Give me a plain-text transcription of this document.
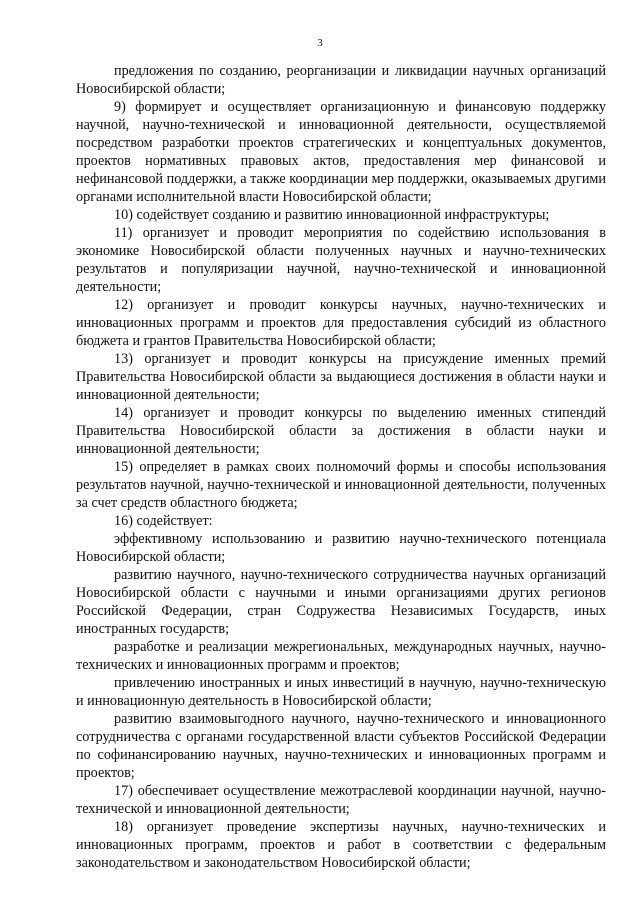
3

предложения по созданию, реорганизации и ликвидации научных организаций Новосибирской области;

9) формирует и осуществляет организационную и финансовую поддержку научной, научно-технической и инновационной деятельности, осуществляемой посредством разработки проектов стратегических и концептуальных документов, проектов нормативных правовых актов, предоставления мер финансовой и нефинансовой поддержки, а также координации мер поддержки, оказываемых другими органами исполнительной власти Новосибирской области;

10) содействует созданию и развитию инновационной инфраструктуры;

11) организует и проводит мероприятия по содействию использования в экономике Новосибирской области полученных научных и научно-технических результатов и популяризации научной, научно-технической и инновационной деятельности;

12) организует и проводит конкурсы научных, научно-технических и инновационных программ и проектов для предоставления субсидий из областного бюджета и грантов Правительства Новосибирской области;

13) организует и проводит конкурсы на присуждение именных премий Правительства Новосибирской области за выдающиеся достижения в области науки и инновационной деятельности;

14) организует и проводит конкурсы по выделению именных стипендий Правительства Новосибирской области за достижения в области науки и инновационной деятельности;

15) определяет в рамках своих полномочий формы и способы использования результатов научной, научно-технической и инновационной деятельности, полученных за счет средств областного бюджета;

16) содействует:

эффективному использованию и развитию научно-технического потенциала Новосибирской области;

развитию научного, научно-технического сотрудничества научных организаций Новосибирской области с научными и иными организациями других регионов Российской Федерации, стран Содружества Независимых Государств, иных иностранных государств;

разработке и реализации межрегиональных, международных научных, научно-технических и инновационных программ и проектов;

привлечению иностранных и иных инвестиций в научную, научно-техническую и инновационную деятельность в Новосибирской области;

развитию взаимовыгодного научного, научно-технического и инновационного сотрудничества с органами государственной власти субъектов Российской Федерации по софинансированию научных, научно-технических и инновационных программ и проектов;

17) обеспечивает осуществление межотраслевой координации научной, научно-технической и инновационной деятельности;

18) организует проведение экспертизы научных, научно-технических и инновационных программ, проектов и работ в соответствии с федеральным законодательством и законодательством Новосибирской области;
